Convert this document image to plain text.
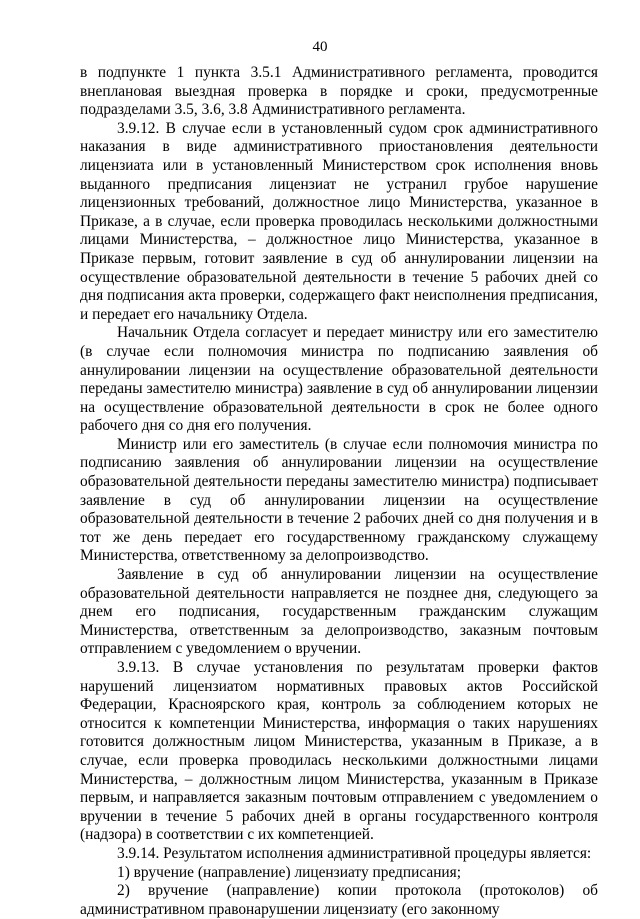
40

в подпункте 1 пункта 3.5.1 Административного регламента, проводится внеплановая выездная проверка в порядке и сроки, предусмотренные подразделами 3.5, 3.6, 3.8 Административного регламента.

3.9.12. В случае если в установленный судом срок административного наказания в виде административного приостановления деятельности лицензиата или в установленный Министерством срок исполнения вновь выданного предписания лицензиат не устранил грубое нарушение лицензионных требований, должностное лицо Министерства, указанное в Приказе, а в случае, если проверка проводилась несколькими должностными лицами Министерства, – должностное лицо Министерства, указанное в Приказе первым, готовит заявление в суд об аннулировании лицензии на осуществление образовательной деятельности в течение 5 рабочих дней со дня подписания акта проверки, содержащего факт неисполнения предписания, и передает его начальнику Отдела.

Начальник Отдела согласует и передает министру или его заместителю (в случае если полномочия министра по подписанию заявления об аннулировании лицензии на осуществление образовательной деятельности переданы заместителю министра) заявление в суд об аннулировании лицензии на осуществление образовательной деятельности в срок не более одного рабочего дня со дня его получения.

Министр или его заместитель (в случае если полномочия министра по подписанию заявления об аннулировании лицензии на осуществление образовательной деятельности переданы заместителю министра) подписывает заявление в суд об аннулировании лицензии на осуществление образовательной деятельности в течение 2 рабочих дней со дня получения и в тот же день передает его государственному гражданскому служащему Министерства, ответственному за делопроизводство.

Заявление в суд об аннулировании лицензии на осуществление образовательной деятельности направляется не позднее дня, следующего за днем его подписания, государственным гражданским служащим Министерства, ответственным за делопроизводство, заказным почтовым отправлением с уведомлением о вручении.

3.9.13. В случае установления по результатам проверки фактов нарушений лицензиатом нормативных правовых актов Российской Федерации, Красноярского края, контроль за соблюдением которых не относится к компетенции Министерства, информация о таких нарушениях готовится должностным лицом Министерства, указанным в Приказе, а в случае, если проверка проводилась несколькими должностными лицами Министерства, – должностным лицом Министерства, указанным в Приказе первым, и направляется заказным почтовым отправлением с уведомлением о вручении в течение 5 рабочих дней в органы государственного контроля (надзора) в соответствии с их компетенцией.

3.9.14. Результатом исполнения административной процедуры является:

1) вручение (направление) лицензиату предписания;

2) вручение (направление) копии протокола (протоколов) об административном правонарушении лицензиату (его законному
